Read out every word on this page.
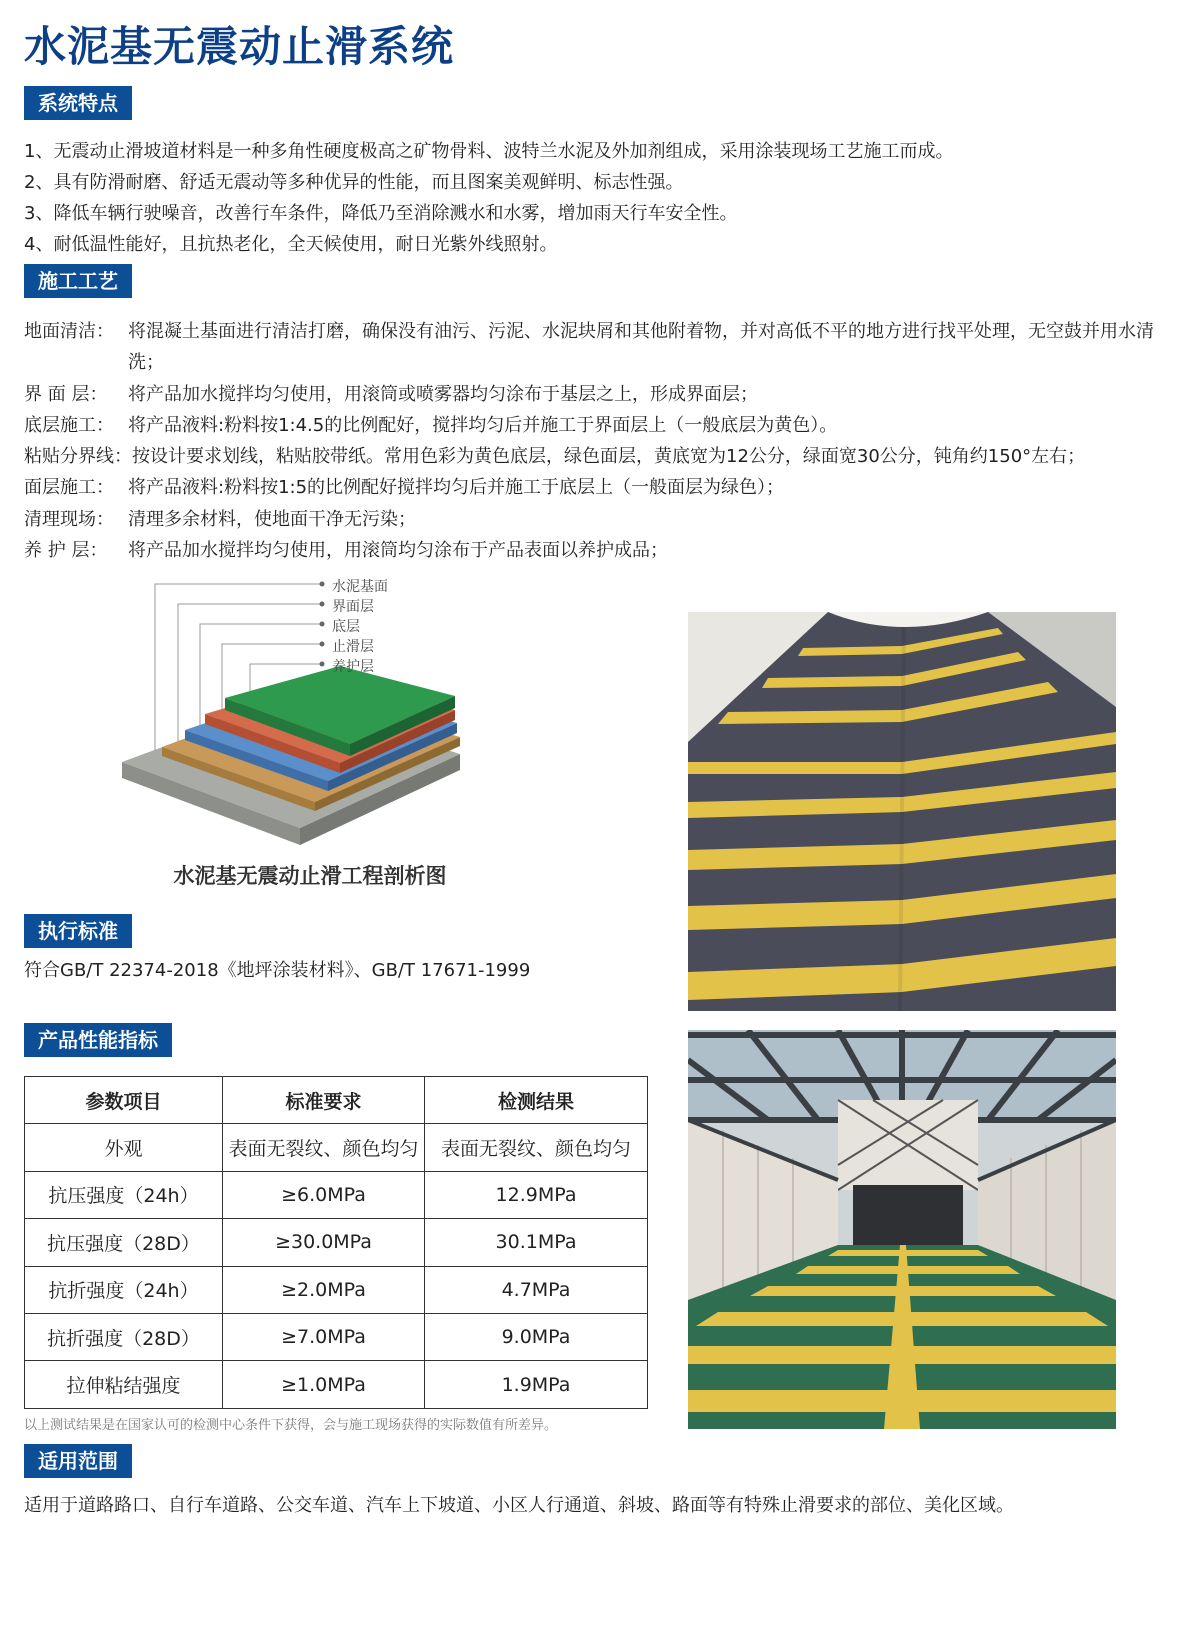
水泥基无震动止滑系统
系统特点
1、无震动止滑坡道材料是一种多角性硬度极高之矿物骨料、波特兰水泥及外加剂组成，采用涂装现场工艺施工而成。
2、具有防滑耐磨、舒适无震动等多种优异的性能，而且图案美观鲜明、标志性强。
3、降低车辆行驶噪音，改善行车条件，降低乃至消除溅水和水雾，增加雨天行车安全性。
4、耐低温性能好，且抗热老化，全天候使用，耐日光紫外线照射。
施工工艺
地面清洁： 将混凝土基面进行清洁打磨，确保没有油污、污泥、水泥块屑和其他附着物，并对高低不平的地方进行找平处理，无空鼓并用水清洗；
界 面 层：	将产品加水搅拌均匀使用，用滚筒或喷雾器均匀涂布于基层之上，形成界面层；
底层施工： 将产品液料:粉料按1:4.5的比例配好，搅拌均匀后并施工于界面层上（一般底层为黄色）。
粘贴分界线： 按设计要求划线，粘贴胶带纸。常用色彩为黄色底层，绿色面层，黄底宽为12公分，绿面宽30公分，钝角约150°左右；
面层施工： 将产品液料:粉料按1:5的比例配好搅拌均匀后并施工于底层上（一般面层为绿色）；
清理现场： 清理多余材料，使地面干净无污染；
养 护 层：	将产品加水搅拌均匀使用，用滚筒均匀涂布于产品表面以养护成品；
水泥基面
界面层
底层
止滑层
养护层
水泥基无震动止滑工程剖析图
执行标准
符合GB/T 22374-2018《地坪涂装材料》、GB/T 17671-1999
产品性能指标
参数项目	标准要求	检测结果
外观	表面无裂纹、颜色均匀	表面无裂纹、颜色均匀
抗压强度（24h）	≥6.0MPa	12.9MPa
抗压强度（28D）	≥30.0MPa	30.1MPa
抗折强度（24h）	≥2.0MPa	4.7MPa
抗折强度（28D）	≥7.0MPa	9.0MPa
拉伸粘结强度	≥1.0MPa	1.9MPa
以上测试结果是在国家认可的检测中心条件下获得，会与施工现场获得的实际数值有所差异。
适用范围
适用于道路路口、自行车道路、公交车道、汽车上下坡道、小区人行通道、斜坡、路面等有特殊止滑要求的部位、美化区域。
